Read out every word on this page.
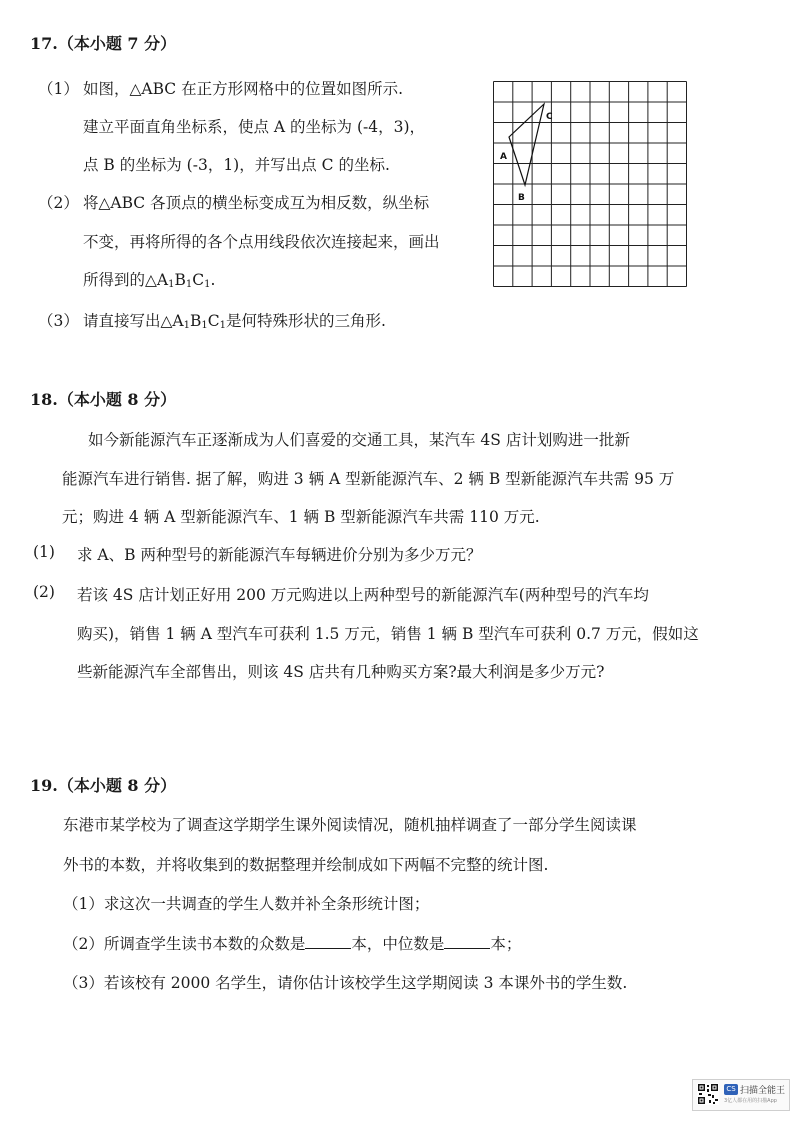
17.（本小题 7 分）
（1） 如图，△ABC 在正方形网格中的位置如图所示.
建立平面直角坐标系，使点 A 的坐标为 (-4，3)，
点 B 的坐标为 (-3，1)，并写出点 C 的坐标.
（2） 将△ABC 各顶点的横坐标变成互为相反数，纵坐标
不变，再将所得的各个点用线段依次连接起来，画出
所得到的$\triangle A_1B_1C_1$.
（3） 请直接写出$\triangle A_1B_1C_1$是何特殊形状的三角形.
A
B
C
18.（本小题 8 分）
如今新能源汽车正逐渐成为人们喜爱的交通工具，某汽车 4S 店计划购进一批新
能源汽车进行销售. 据了解，购进 3 辆 A 型新能源汽车、2 辆 B 型新能源汽车共需 95 万
元；购进 4 辆 A 型新能源汽车、1 辆 B 型新能源汽车共需 110 万元.
(1) 求 A、B 两种型号的新能源汽车每辆进价分别为多少万元？
(2) 若该 4S 店计划正好用 200 万元购进以上两种型号的新能源汽车(两种型号的汽车均
购买)，销售 1 辆 A 型汽车可获利 1.5 万元，销售 1 辆 B 型汽车可获利 0.7 万元，假如这
些新能源汽车全部售出，则该 4S 店共有几种购买方案?最大利润是多少万元?
19.（本小题 8 分）
东港市某学校为了调查这学期学生课外阅读情况，随机抽样调查了一部分学生阅读课
外书的本数，并将收集到的数据整理并绘制成如下两幅不完整的统计图.
（1）求这次一共调查的学生人数并补全条形统计图；
（2）所调查学生读书本数的众数是	本，中位数是	本；
（3）若该校有 2000 名学生，请你估计该校学生这学期阅读 3 本课外书的学生数.
CS 扫描全能王
3亿人都在用的扫描App
